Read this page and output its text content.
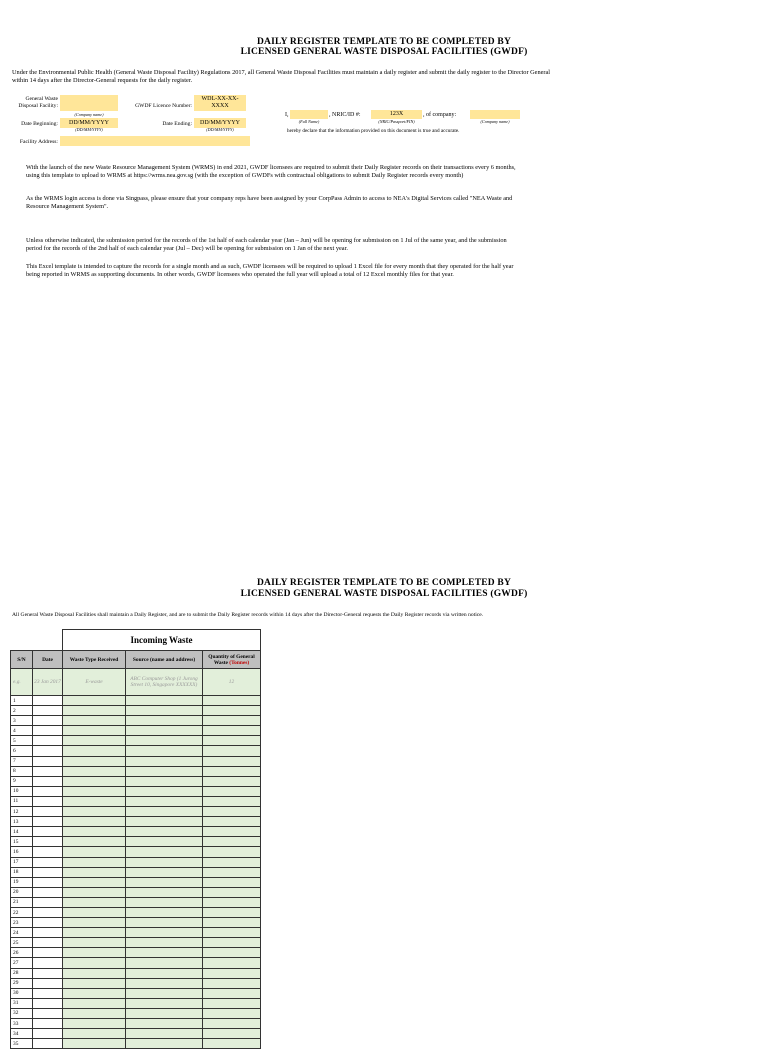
DAILY REGISTER TEMPLATE TO BE COMPLETED BY
LICENSED GENERAL WASTE DISPOSAL FACILITIES (GWDF)
Under the Environmental Public Health (General Waste Disposal Facility) Regulations 2017, all General Waste Disposal Facilities must maintain a daily register and submit the daily register to the Director General within 14 days after the Director-General requests for the daily register.
General Waste Disposal Facility:
(Company name)
GWDF Licence Number:
WDL-XX-XX-XXXX
Date Beginning:	DD/MM/YYYY
(DD/MM/YYYY)
Date Ending:	DD/MM/YYYY
(DD/MM/YYYY)
Facility Address:
I,
(Full Name)
, NRIC/ID #:	123X
(NRIC/Passport/FIN)
, of company:
(Company name)
hereby declare that the information provided on this document is true and accurate.
With the launch of the new Waste Resource Management System (WRMS) in end 2021, GWDF licensees are required to submit their Daily Register records on their transactions every 6 months, using this template to upload to WRMS at https://wrms.nea.gov.sg (with the exception of GWDFs with contractual obligations to submit Daily Register records every month)
As the WRMS login access is done via Singpass, please ensure that your company reps have been assigned by your CorpPass Admin to access to NEA's Digital Services called "NEA Waste and Resource Management System".
Unless otherwise indicated, the submission period for the records of the 1st half of each calendar year (Jan – Jun) will be opening for submission on 1 Jul of the same year, and the submission period for the records of the 2nd half of each calendar year (Jul – Dec) will be opening for submission on 1 Jan of the next year.
This Excel template is intended to capture the records for a single month and as such, GWDF licensees will be required to upload 1 Excel file for every month that they operated for the half year being reported in WRMS as supporting documents. In other words, GWDF licensees who operated the full year will upload a total of 12 Excel monthly files for that year.
DAILY REGISTER TEMPLATE TO BE COMPLETED BY
LICENSED GENERAL WASTE DISPOSAL FACILITIES (GWDF)
All General Waste Disposal Facilities shall maintain a Daily Register, and are to submit the Daily Register records within 14 days after the Director-General requests the Daily Register records via written notice.
		Incoming Waste		
S/N	Date	Waste Type Received	Source (name and address)	Quantity of General Waste (Tonnes)
e.g.	23 Jan 2017	E-waste	ABC Computer Shop (1 Jurong Street 10, Singapore XXXXXX)	12
1				
2				
3				
4				
5				
6				
7				
8				
9				
10				
11				
12				
13				
14				
15				
16				
17				
18				
19				
20				
21				
22				
23				
24				
25				
26				
27				
28				
29				
30				
31				
32				
33				
34				
35				
